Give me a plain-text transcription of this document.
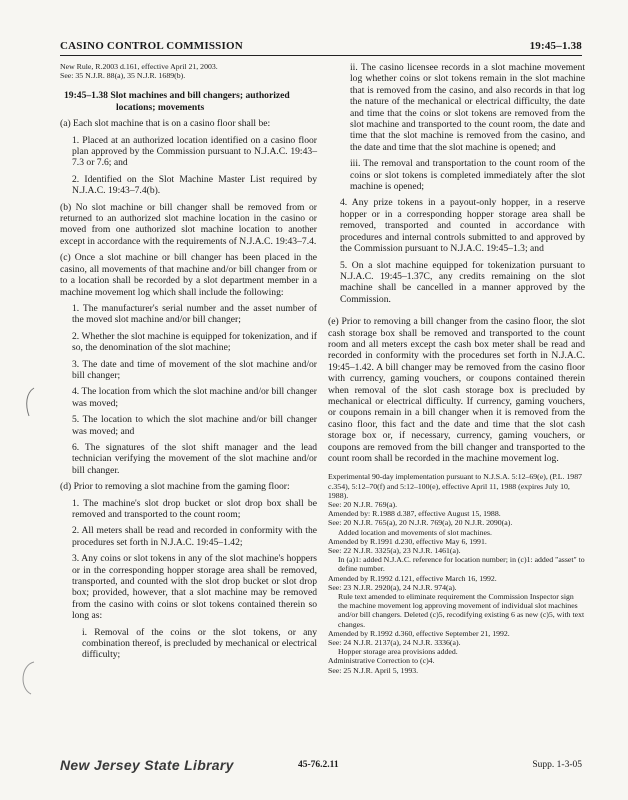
CASINO CONTROL COMMISSION	19:45–1.38

New Rule, R.2003 d.161, effective April 21, 2003.

See: 35 N.J.R. 88(a), 35 N.J.R. 1689(b).

19:45–1.38 Slot machines and bill changers; authorized locations; movements

(a) Each slot machine that is on a casino floor shall be:

1. Placed at an authorized location identified on a casino floor plan approved by the Commission pursuant to N.J.A.C. 19:43–7.3 or 7.6; and

2. Identified on the Slot Machine Master List required by N.J.A.C. 19:43–7.4(b).

(b) No slot machine or bill changer shall be removed from or returned to an authorized slot machine location in the casino or moved from one authorized slot machine location to another except in accordance with the requirements of N.J.A.C. 19:43–7.4.

(c) Once a slot machine or bill changer has been placed in the casino, all movements of that machine and/or bill changer from or to a location shall be recorded by a slot department member in a machine movement log which shall include the following:

1. The manufacturer's serial number and the asset number of the moved slot machine and/or bill changer;

2. Whether the slot machine is equipped for tokenization, and if so, the denomination of the slot machine;

3. The date and time of movement of the slot machine and/or bill changer;

4. The location from which the slot machine and/or bill changer was moved;

5. The location to which the slot machine and/or bill changer was moved; and

6. The signatures of the slot shift manager and the lead technician verifying the movement of the slot machine and/or bill changer.

(d) Prior to removing a slot machine from the gaming floor:

1. The machine's slot drop bucket or slot drop box shall be removed and transported to the count room;

2. All meters shall be read and recorded in conformity with the procedures set forth in N.J.A.C. 19:45–1.42;

3. Any coins or slot tokens in any of the slot machine's hoppers or in the corresponding hopper storage area shall be removed, transported, and counted with the slot drop bucket or slot drop box; provided, however, that a slot machine may be removed from the casino with coins or slot tokens contained therein so long as:

i. Removal of the coins or the slot tokens, or any combination thereof, is precluded by mechanical or electrical difficulty;

ii. The casino licensee records in a slot machine movement log whether coins or slot tokens remain in the slot machine that is removed from the casino, and also records in that log the nature of the mechanical or electrical difficulty, the date and time that the coins or slot tokens are removed from the slot machine and transported to the count room, the date and time that the slot machine is removed from the casino, and the date and time that the slot machine is opened; and

iii. The removal and transportation to the count room of the coins or slot tokens is completed immediately after the slot machine is opened;

4. Any prize tokens in a payout-only hopper, in a reserve hopper or in a corresponding hopper storage area shall be removed, transported and counted in accordance with procedures and internal controls submitted to and approved by the Commission pursuant to N.J.A.C. 19:45–1.3; and

5. On a slot machine equipped for tokenization pursuant to N.J.A.C. 19:45–1.37C, any credits remaining on the slot machine shall be cancelled in a manner approved by the Commission.

(e) Prior to removing a bill changer from the casino floor, the slot cash storage box shall be removed and transported to the count room and all meters except the cash box meter shall be read and recorded in conformity with the procedures set forth in N.J.A.C. 19:45–1.42. A bill changer may be removed from the casino floor with currency, gaming vouchers, or coupons contained therein when removal of the slot cash storage box is precluded by mechanical or electrical difficulty. If currency, gaming vouchers, or coupons remain in a bill changer when it is removed from the casino floor, this fact and the date and time that the slot cash storage box or, if necessary, currency, gaming vouchers, or coupons are removed from the bill changer and transported to the count room shall be recorded in the machine movement log.

Experimental 90-day implementation pursuant to N.J.S.A. 5:12–69(e), (P.L. 1987 c.354), 5:12–70(f) and 5:12–100(e), effective April 11, 1988 (expires July 10, 1988).

See: 20 N.J.R. 769(a).

Amended by: R.1988 d.387, effective August 15, 1988.

See: 20 N.J.R. 765(a), 20 N.J.R. 769(a), 20 N.J.R. 2090(a).

Added location and movements of slot machines.

Amended by R.1991 d.230, effective May 6, 1991.

See: 22 N.J.R. 3325(a), 23 N.J.R. 1461(a).

In (a)1: added N.J.A.C. reference for location number; in (c)1: added "asset" to define number.

Amended by R.1992 d.121, effective March 16, 1992.

See: 23 N.J.R. 2920(a), 24 N.J.R. 974(a).

Rule text amended to eliminate requirement the Commission Inspector sign the machine movement log approving movement of individual slot machines and/or bill changers. Deleted (c)5, recodifying existing 6 as new (c)5, with text changes.

Amended by R.1992 d.360, effective September 21, 1992.

See: 24 N.J.R. 2137(a), 24 N.J.R. 3336(a).

Hopper storage area provisions added.

Administrative Correction to (c)4.

See: 25 N.J.R. April 5, 1993.

New Jersey State Library	45-76.2.11	Supp. 1-3-05
